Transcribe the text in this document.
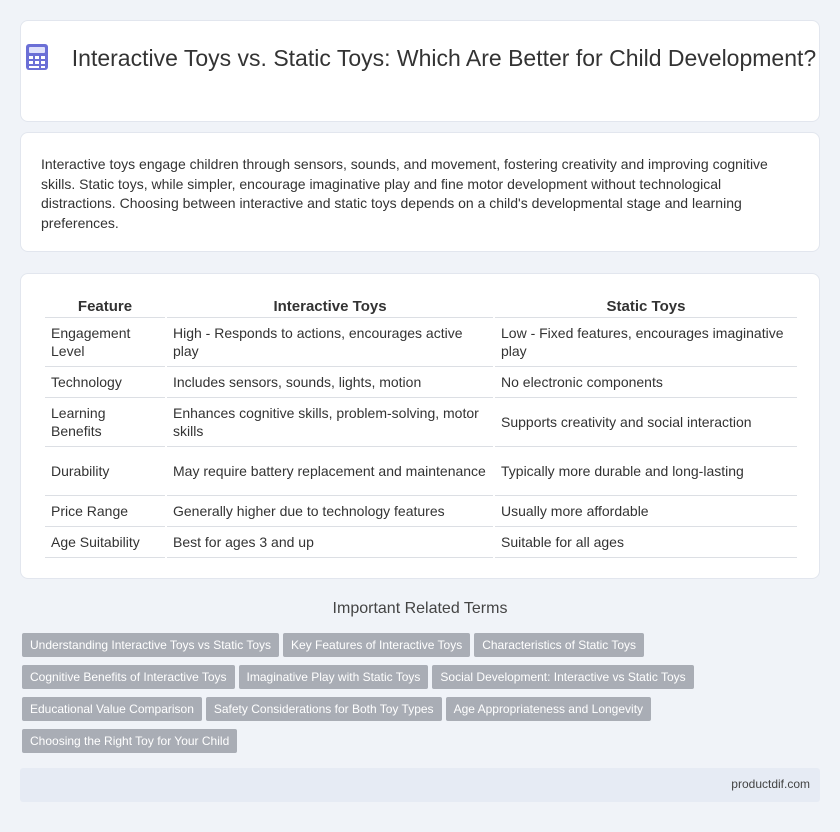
Interactive Toys vs. Static Toys: Which Are Better for Child Development?

Interactive toys engage children through sensors, sounds, and movement, fostering creativity and improving cognitive skills. Static toys, while simpler, encourage imaginative play and fine motor development without technological distractions. Choosing between interactive and static toys depends on a child's developmental stage and learning preferences.

Feature	Interactive Toys	Static Toys
Engagement Level	High - Responds to actions, encourages active play	Low - Fixed features, encourages imaginative play
Technology	Includes sensors, sounds, lights, motion	No electronic components
Learning Benefits	Enhances cognitive skills, problem-solving, motor skills	Supports creativity and social interaction
Durability	May require battery replacement and maintenance	Typically more durable and long-lasting
Price Range	Generally higher due to technology features	Usually more affordable
Age Suitability	Best for ages 3 and up	Suitable for all ages
Important Related Terms
Understanding Interactive Toys vs Static Toys Key Features of Interactive Toys Characteristics of Static Toys
Cognitive Benefits of Interactive Toys Imaginative Play with Static Toys Social Development: Interactive vs Static Toys
Educational Value Comparison Safety Considerations for Both Toy Types Age Appropriateness and Longevity
Choosing the Right Toy for Your Child
productdif.com
